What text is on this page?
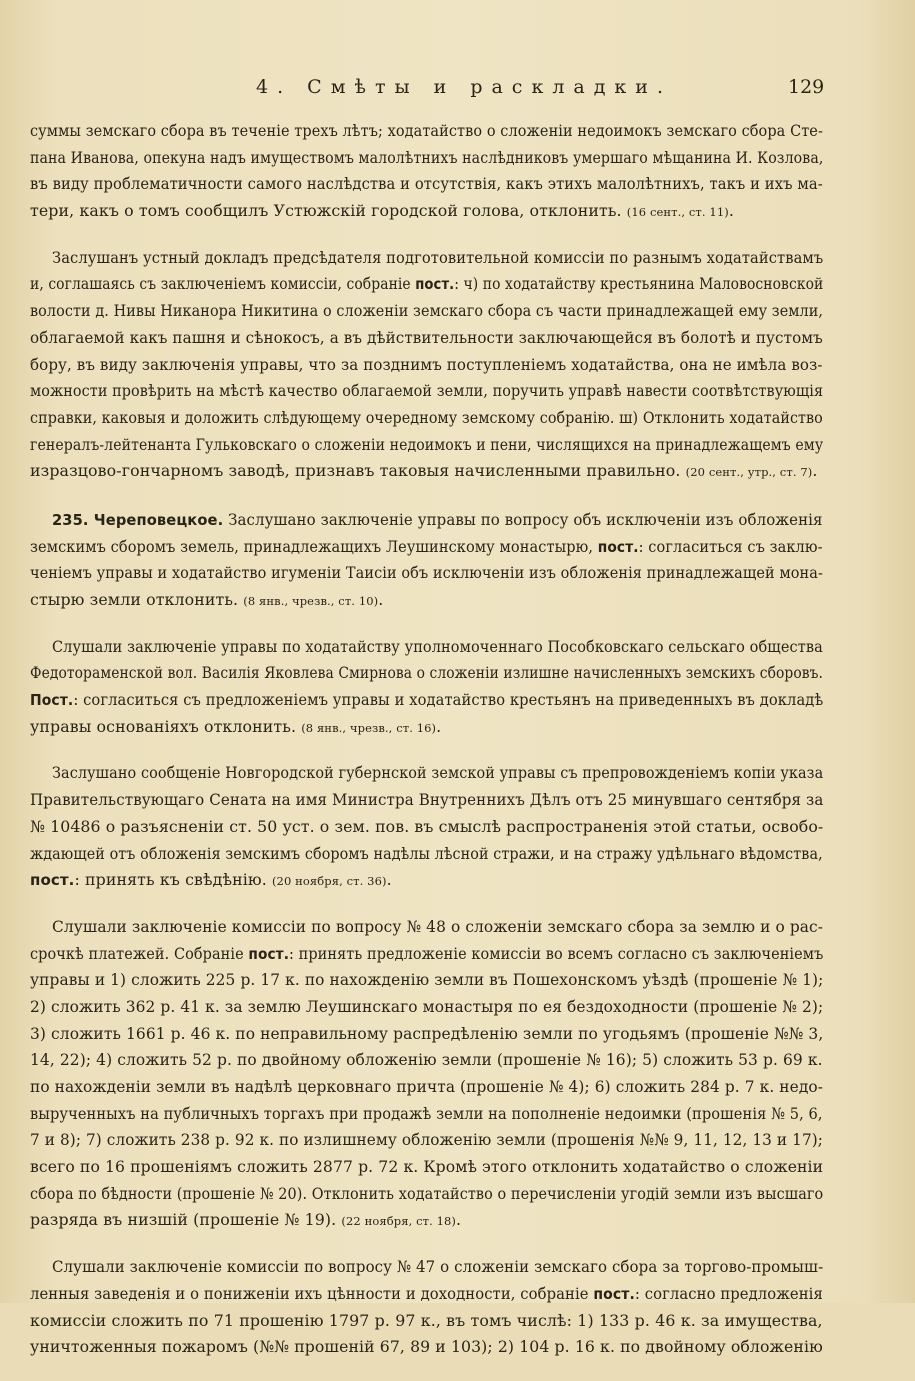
4. Смѣты и раскладки.	129
суммы земскаго сбора въ теченіе трехъ лѣтъ; ходатайство о сложеніи недоимокъ земскаго сбора Сте-
пана Иванова, опекуна надъ имуществомъ малолѣтнихъ наслѣдниковъ умершаго мѣщанина И. Козлова,
въ виду проблематичности самого наслѣдства и отсутствія, какъ этихъ малолѣтнихъ, такъ и ихъ ма-
тери, какъ о томъ сообщилъ Устюжскій городской голова, отклонить. (16 сент., ст. 11).
Заслушанъ устный докладъ предсѣдателя подготовительной комиссіи по разнымъ ходатайствамъ
и, соглашаясь съ заключеніемъ комиссіи, собраніе пост.: ч) по ходатайству крестьянина Маловосновской
волости д. Нивы Никанора Никитина о сложеніи земскаго сбора съ части принадлежащей ему земли,
облагаемой какъ пашня и сѣнокосъ, а въ дѣйствительности заключающейся въ болотѣ и пустомъ
бору, въ виду заключенія управы, что за позднимъ поступленіемъ ходатайства, она не имѣла воз-
можности провѣрить на мѣстѣ качество облагаемой земли, поручить управѣ навести соотвѣтствующія
справки, каковыя и доложить слѣдующему очередному земскому собранію. ш) Отклонить ходатайство
генералъ-лейтенанта Гульковскаго о сложеніи недоимокъ и пени, числящихся на принадлежащемъ ему
изразцово-гончарномъ заводѣ, признавъ таковыя начисленными правильно. (20 сент., утр., ст. 7).
235. Череповецкое. Заслушано заключеніе управы по вопросу объ исключеніи изъ обложенія
земскимъ сборомъ земель, принадлежащихъ Леушинскому монастырю, пост.: согласиться съ заклю-
ченіемъ управы и ходатайство игуменіи Таисіи объ исключеніи изъ обложенія принадлежащей мона-
стырю земли отклонить. (8 янв., чрезв., ст. 10).
Слушали заключеніе управы по ходатайству уполномоченнаго Пособковскаго сельскаго общества
Федотораменской вол. Василія Яковлева Смирнова о сложеніи излишне начисленныхъ земскихъ сборовъ.
Пост.: согласиться съ предложеніемъ управы и ходатайство крестьянъ на приведенныхъ въ докладѣ
управы основаніяхъ отклонить. (8 янв., чрезв., ст. 16).
Заслушано сообщеніе Новгородской губернской земской управы съ препровожденіемъ копіи указа
Правительствующаго Сената на имя Министра Внутреннихъ Дѣлъ отъ 25 минувшаго сентября за
№ 10486 о разъясненіи ст. 50 уст. о зем. пов. въ смыслѣ распространенія этой статьи, освобо-
ждающей отъ обложенія земскимъ сборомъ надѣлы лѣсной стражи, и на стражу удѣльнаго вѣдомства,
пост.: принять къ свѣдѣнію. (20 ноября, ст. 36).
Слушали заключеніе комиссіи по вопросу № 48 о сложеніи земскаго сбора за землю и о рас-
срочкѣ платежей. Собраніе пост.: принять предложеніе комиссіи во всемъ согласно съ заключеніемъ
управы и 1) сложить 225 р. 17 к. по нахожденію земли въ Пошехонскомъ уѣздѣ (прошеніе № 1);
2) сложить 362 р. 41 к. за землю Леушинскаго монастыря по ея бездоходности (прошеніе № 2);
3) сложить 1661 р. 46 к. по неправильному распредѣленію земли по угодьямъ (прошеніе №№ 3,
14, 22); 4) сложить 52 р. по двойному обложенію земли (прошеніе № 16); 5) сложить 53 р. 69 к.
по нахожденіи земли въ надѣлѣ церковнаго причта (прошеніе № 4); 6) сложить 284 р. 7 к. недо-
вырученныхъ на публичныхъ торгахъ при продажѣ земли на пополненіе недоимки (прошенія № 5, 6,
7 и 8); 7) сложить 238 р. 92 к. по излишнему обложенію земли (прошенія №№ 9, 11, 12, 13 и 17);
всего по 16 прошеніямъ сложить 2877 р. 72 к. Кромѣ этого отклонить ходатайство о сложеніи
сбора по бѣдности (прошеніе № 20). Отклонить ходатайство о перечисленіи угодій земли изъ высшаго
разряда въ низшій (прошеніе № 19). (22 ноября, ст. 18).
Слушали заключеніе комиссіи по вопросу № 47 о сложеніи земскаго сбора за торгово-промыш-
ленныя заведенія и о пониженіи ихъ цѣнности и доходности, собраніе пост.: согласно предложенія
комиссіи сложить по 71 прошенію 1797 р. 97 к., въ томъ числѣ: 1) 133 р. 46 к. за имущества,
уничтоженныя пожаромъ (№№ прошеній 67, 89 и 103); 2) 104 р. 16 к. по двойному обложенію
